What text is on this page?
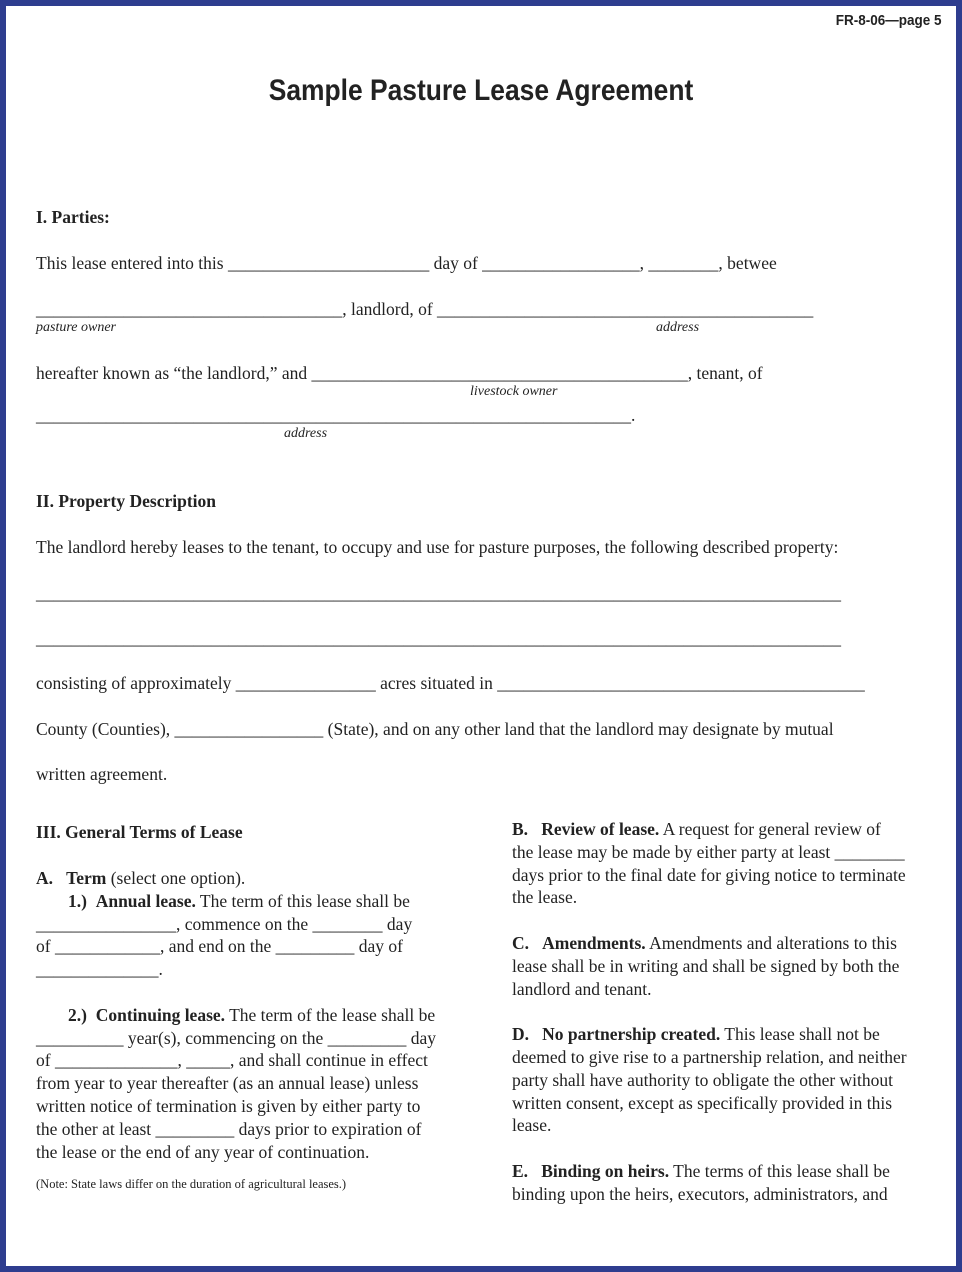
FR-8-06—page 5
Sample Pasture Lease Agreement
I. Parties:
This lease entered into this _______________________ day of __________________, ________, betwee
___________________________________, landlord, of ___________________________________________
pasture owner	address
hereafter known as “the landlord,” and ___________________________________________, tenant, of
livestock owner
____________________________________________________________________.
address
II. Property Description
The landlord hereby leases to the tenant, to occupy and use for pasture purposes, the following described property:
____________________________________________________________________________________________
____________________________________________________________________________________________
consisting of approximately ________________ acres situated in __________________________________________
County (Counties), _________________ (State), and on any other land that the landlord may designate by mutual
written agreement.
III. General Terms of Lease

A. Term (select one option).

1.) Annual lease. The term of this lease shall be

________________, commence on the ________ day

of ____________, and end on the _________ day of

______________.

2.) Continuing lease. The term of the lease shall be

__________ year(s), commencing on the _________ day

of ______________, _____, and shall continue in effect

from year to year thereafter (as an annual lease) unless

written notice of termination is given by either party to

the other at least _________ days prior to expiration of

the lease or the end of any year of continuation.

(Note: State laws differ on the duration of agricultural leases.)

B. Review of lease. A request for general review of

the lease may be made by either party at least ________

days prior to the final date for giving notice to terminate

the lease.

C. Amendments. Amendments and alterations to this

lease shall be in writing and shall be signed by both the

landlord and tenant.

D. No partnership created. This lease shall not be

deemed to give rise to a partnership relation, and neither

party shall have authority to obligate the other without

written consent, except as specifically provided in this

lease.

E. Binding on heirs. The terms of this lease shall be

binding upon the heirs, executors, administrators, and
